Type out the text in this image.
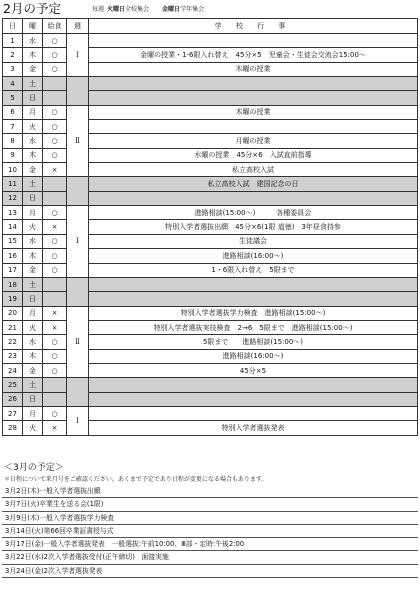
2月の予定	毎週 火曜日全校集会 金曜日学年集会
日	曜	給食	週	学 校 行 事
1	水	○	Ⅰ	
2	木	○		金曜の授業・1-6限入れ替え　45分×5　児童会・生徒会交流会15:00〜
3	金	○		木曜の授業
4	土			
5	日			
6	月	○	Ⅱ	木曜の授業
7	火	○		
8	水	○		月曜の授業
9	木	○		水曜の授業　45分×6　入試直前指導
10	金	×		私立高校入試
11	土			私立高校入試　建国記念の日
12	日			
13	月	○	Ⅰ	進路相談(15:00〜)　　　各種委員会
14	火	×		特別入学者選抜出願　45分×6(1限 道徳)　3年昼食持参
15	水	○		生徒議会
16	木	○		進路相談(16:00〜)
17	金	○		1・6限入れ替え　5限まで
18	土			
19	日			
20	月	×	Ⅱ	特別入学者選抜学力検査　進路相談(15:00〜)
21	火	×		特別入学者選抜実技検査　2→6　5限まで　進路相談(15:00〜)
22	水	○		5限まで　　進路相談(15:00〜)
23	木	○		進路相談(16:00〜)
24	金	○		45分×5
25	土			
26	日			
27	月	○	Ⅰ	
28	火	×		特別入学者選抜発表
＜3月の予定＞
＊日程について来月号をご確認ください。あくまで予定であり日程が変更になる場合もあります。
3月2日(木)一般入学者選抜出願
3月7日(火)卒業生を送る会(1限)
3月9日(木)一般入学者選抜学力検査
3月14日(火)第66回卒業証書授与式
3月17日(金)一般入学者選抜発表　一般選抜:午前10:00、Ⅲ部・定時:午後2:00
3月22日(水)2次入学者選抜受付(正午締切)　面接実施
3月24日(金)2次入学者選抜発表
